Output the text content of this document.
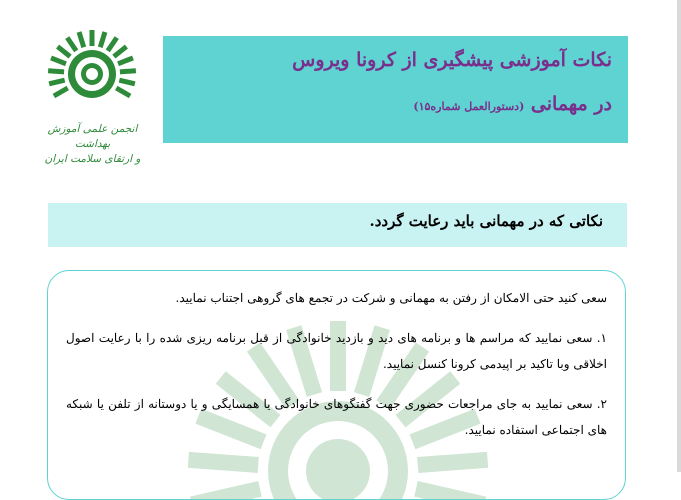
انجمن علمی آموزش بهداشت
و ارتقای سلامت ایران
نکات آموزشی پیشگیری از کرونا ویروس
در مهمانی (دستورالعمل شماره۱۵)
نکاتی که در مهمانی باید رعایت گردد.

سعی کنید حتی الامکان از رفتن به مهمانی و شرکت در تجمع های گروهی اجتناب نمایید.

۱. سعی نمایید که مراسم ها و برنامه های دید و بازدید خانوادگی از قبل برنامه ریزی شده را با رعایت اصول اخلاقی وبا تاکید بر اپیدمی کرونا کنسل نمایید.

۲. سعی نمایید به جای مراجعات حضوری جهت گفتگوهای خانوادگی یا همسایگی و یا دوستانه از تلفن یا شبکه های اجتماعی استفاده نمایید.
